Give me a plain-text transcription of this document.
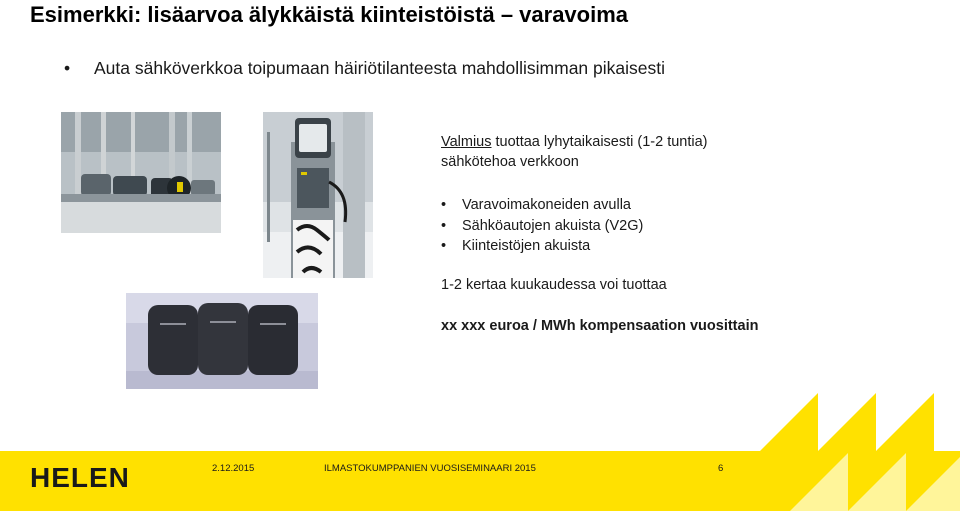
Esimerkki: lisäarvoa älykkäistä kiinteistöistä – varavoima
• Auta sähköverkkoa toipumaan häiriötilanteesta mahdollisimman pikaisesti
Valmius tuottaa lyhytaikaisesti (1-2 tuntia)
sähkötehoa verkkoon
• Varavoimakoneiden avulla
• Sähköautojen akuista (V2G)
• Kiinteistöjen akuista
1-2 kertaa kuukaudessa voi tuottaa
xx xxx euroa / MWh kompensaation vuosittain
HELEN	2.12.2015	ILMASTOKUMPPANIEN VUOSISEMINAARI 2015	6
